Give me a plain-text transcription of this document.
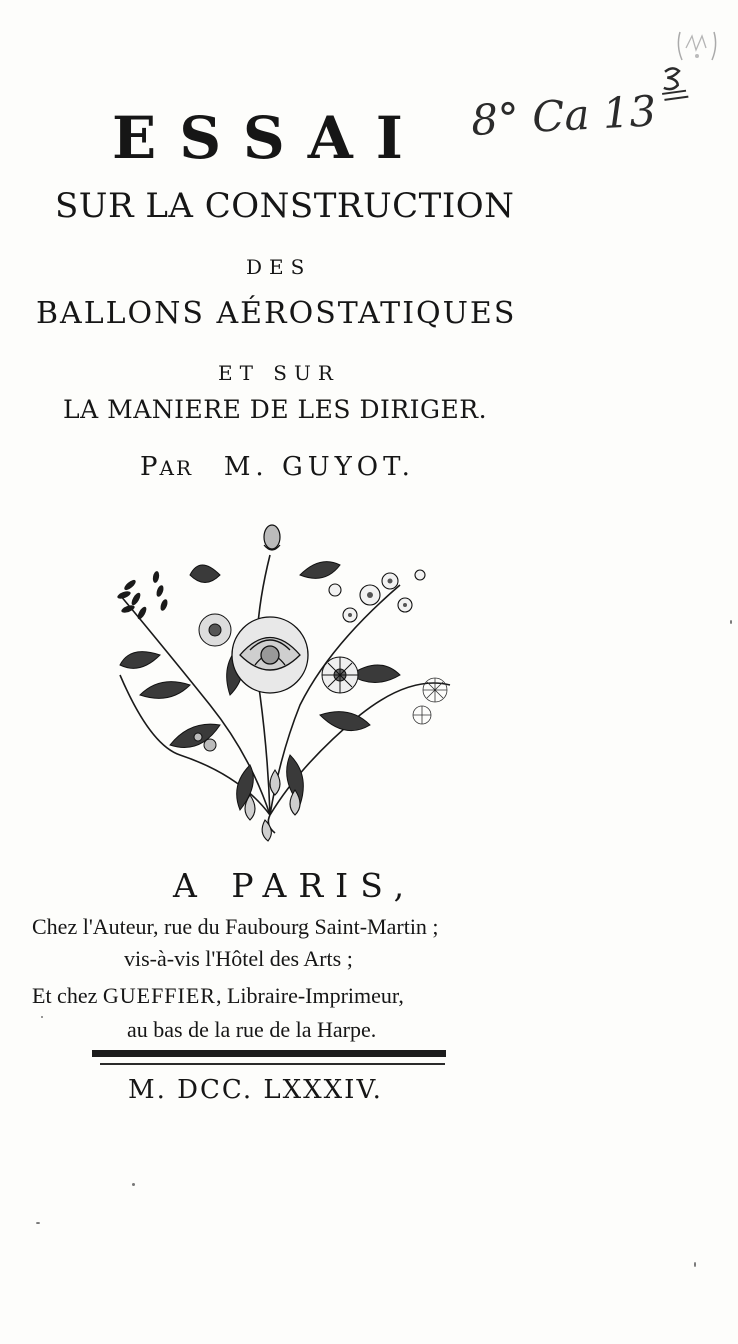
ESSAI 8° Ca 13
SUR LA CONSTRUCTION
DES
BALLONS AÉROSTATIQUES
ET SUR
LA MANIERE DE LES DIRIGER.
PAR M. GUYOT.
A PARIS,
Chez l'Auteur, rue du Faubourg Saint-Martin ;
vis-à-vis l'Hôtel des Arts ;
Et chez GUEFFIER, Libraire-Imprimeur,
au bas de la rue de la Harpe.
M. DCC. LXXXIV.
